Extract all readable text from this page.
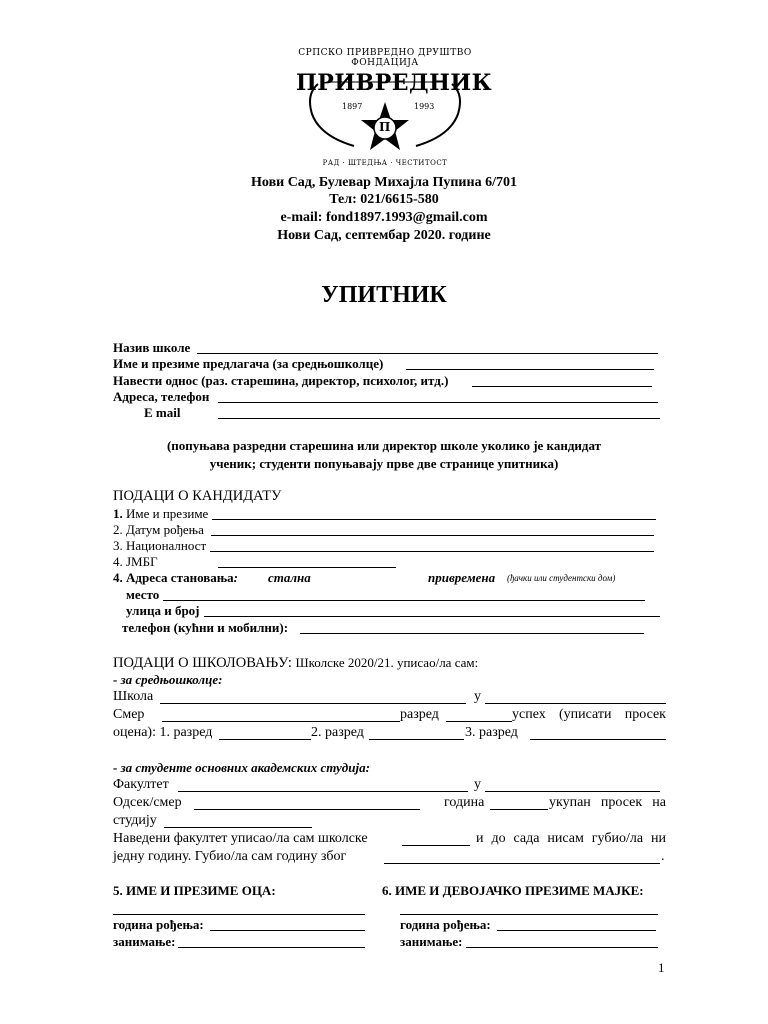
СРПСКО ПРИВРЕДНО ДРУШТВО
ФОНДАЦИЈА
ПРИВРЕДНИК
1897	1993
П
РАД · ШТЕДЊА · ЧЕСТИТОСТ
Нови Сад, Булевар Михајла Пупина 6/701
Тел: 021/6615-580
e-mail: fond1897.1993@gmail.com
Нови Сад, септембар 2020. године
УПИТНИК
Назив школе
Име и презиме предлагача (за средњошколце)
Навести однос (раз. старешина, директор, психолог, итд.)
Адреса, телефон
E mail
(попуњава разредни старешина или директор школе уколико је кандидат
ученик; студенти попуњавају прве две странице упитника)
ПОДАЦИ О КАНДИДАТУ
1. Име и презиме
2. Датум рођења
3. Националност
4. ЈМБГ
4. Адреса становања: стална	привремена (ђачки или студентски дом)
место
улица и број
телефон (кућни и мобилни):
ПОДАЦИ О ШКОЛОВАЊУ: Школске 2020/21. уписао/ла сам:
- за средњошколце:
Школа	у
Смер	разред	успех (уписати просек
оцена): 1. разред	2. разред	3. разред
- за студенте основних академских студија:
Факултет	у
Одсек/смер	година	укупан просек на
студију
Наведени факултет уписао/ла сам школске	и до сада нисам губио/ла ни
једну годину. Губио/ла сам годину због	.
5. ИМЕ И ПРЕЗИМЕ ОЦА:	6. ИМЕ И ДЕВОЈАЧКО ПРЕЗИМЕ МАЈКЕ:
година рођења:	година рођења:
занимање:	занимање:
1
